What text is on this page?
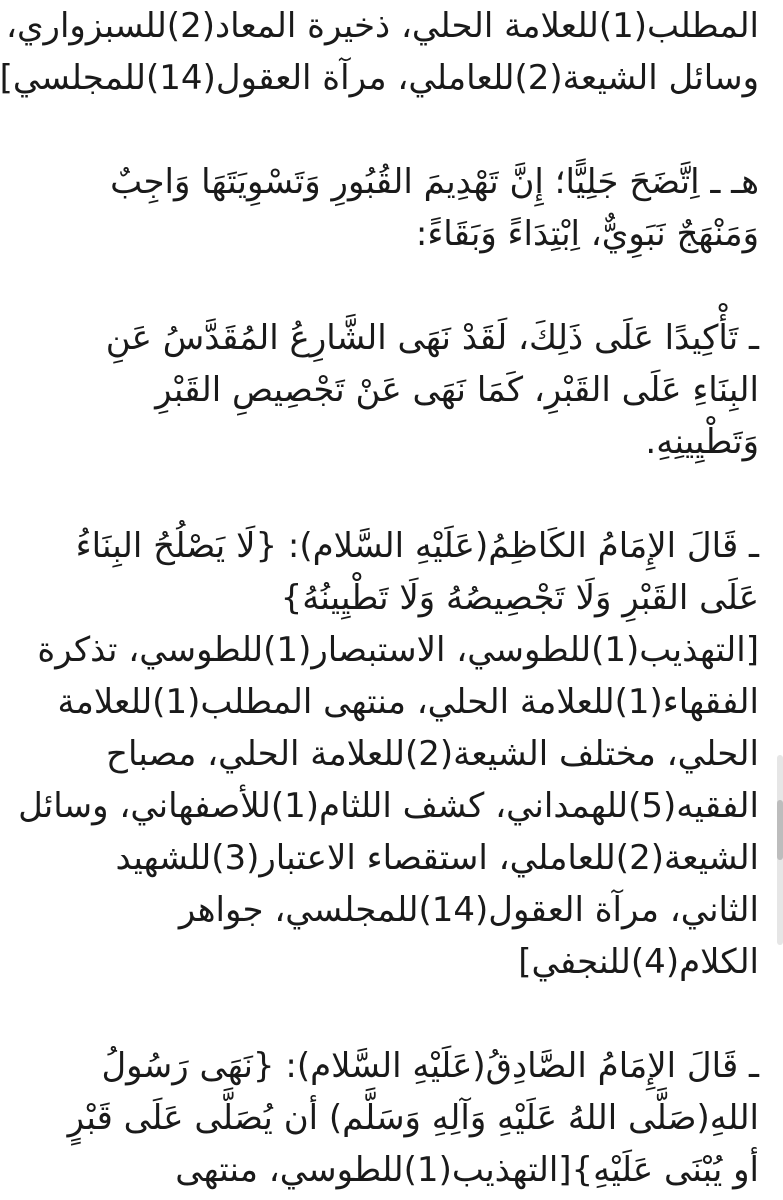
المطلب(1)للعلامة الحلي، ذخيرة المعاد(2)للسبزواري،
وسائل الشيعة(2)للعاملي، مرآة العقول(14)للمجلسي]
هـ ـ اِتَّضَحَ جَلِيًّا؛ إِنَّ تَهْدِيمَ القُبُورِ وَتَسْوِيَتَهَا وَاجِبٌ
وَمَنْهَجٌ نَبَوِيٌّ، اِبْتِدَاءً وَبَقَاءً:
ـ تَأْكِيدًا عَلَى ذَلِكَ، لَقَدْ نَهَى الشَّارِعُ المُقَدَّسُ عَنِ
البِنَاءِ عَلَى القَبْرِ، كَمَا نَهَى عَنْ تَجْصِيصِ القَبْرِ
وَتَطْيِينِهِ.
ـ قَالَ الإِمَامُ الكَاظِمُ(عَلَيْهِ السَّلام): {لَا يَصْلُحُ البِنَاءُ
عَلَى القَبْرِ وَلَا تَجْصِيصُهُ وَلَا تَطْيِينُهُ}
[التهذيب(1)للطوسي، الاستبصار(1)للطوسي، تذكرة
الفقهاء(1)للعلامة الحلي، منتهى المطلب(1)للعلامة
الحلي، مختلف الشيعة(2)للعلامة الحلي، مصباح
الفقيه(5)للهمداني، كشف اللثام(1)للأصفهاني، وسائل
الشيعة(2)للعاملي، استقصاء الاعتبار(3)للشهيد
الثاني، مرآة العقول(14)للمجلسي، جواهر
الكلام(4)للنجفي]
ـ قَالَ الإِمَامُ الصَّادِقُ(عَلَيْهِ السَّلام): {نَهَى رَسُولُ
اللهِ(صَلَّى اللهُ عَلَيْهِ وَآلِهِ وَسَلَّم) أن يُصَلَّى عَلَى قَبْرٍ
أو يُبْنَى عَلَيْهِ}[التهذيب(1)للطوسي، منتهى
